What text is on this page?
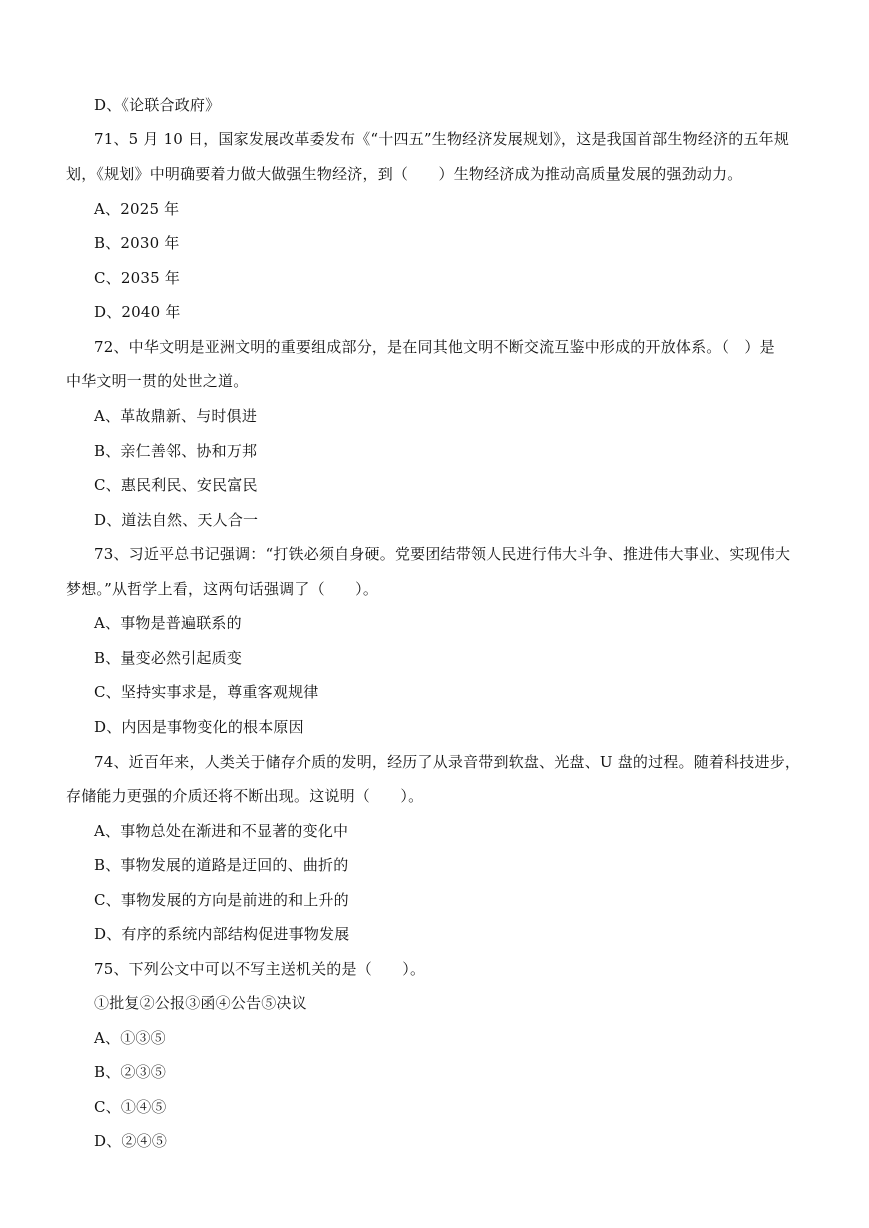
D、《论联合政府》
71、5 月 10 日，国家发展改革委发布《“十四五”生物经济发展规划》，这是我国首部生物经济的五年规
划，《规划》中明确要着力做大做强生物经济，到（　　）生物经济成为推动高质量发展的强劲动力。
A、2025 年
B、2030 年
C、2035 年
D、2040 年
72、中华文明是亚洲文明的重要组成部分，是在同其他文明不断交流互鉴中形成的开放体系。（　）是
中华文明一贯的处世之道。
A、革故鼎新、与时俱进
B、亲仁善邻、协和万邦
C、惠民利民、安民富民
D、道法自然、天人合一
73、习近平总书记强调：“打铁必须自身硬。党要团结带领人民进行伟大斗争、推进伟大事业、实现伟大
梦想。”从哲学上看，这两句话强调了（　　）。
A、事物是普遍联系的
B、量变必然引起质变
C、坚持实事求是，尊重客观规律
D、内因是事物变化的根本原因
74、近百年来，人类关于储存介质的发明，经历了从录音带到软盘、光盘、U 盘的过程。随着科技进步，
存储能力更强的介质还将不断出现。这说明（　　）。
A、事物总处在渐进和不显著的变化中
B、事物发展的道路是迂回的、曲折的
C、事物发展的方向是前进的和上升的
D、有序的系统内部结构促进事物发展
75、下列公文中可以不写主送机关的是（　　）。
①批复②公报③函④公告⑤决议
A、①③⑤
B、②③⑤
C、①④⑤
D、②④⑤
